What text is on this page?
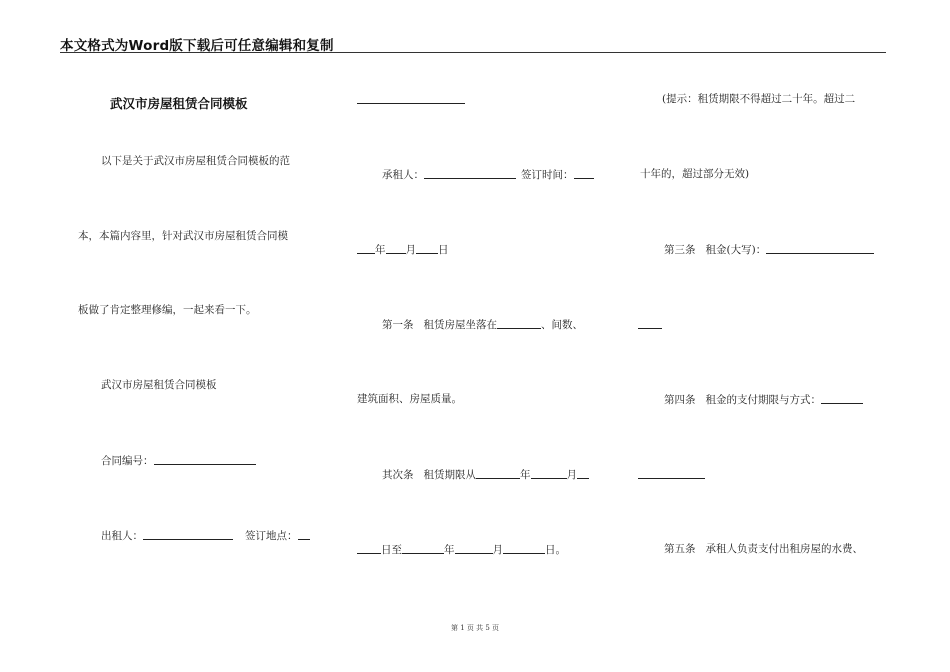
本文格式为Word版下载后可任意编辑和复制
武汉市房屋租赁合同模板
以下是关于武汉市房屋租赁合同模板的范
本，本篇内容里，针对武汉市房屋租赁合同模
板做了肯定整理修编，一起来看一下。
武汉市房屋租赁合同模板
合同编号：
出租人：	签订地点：
承租人：	签订时间：
年 月 日
第一条 租赁房屋坐落在	、间数、
建筑面积、房屋质量。
其次条 租赁期限从	年	月
日至	年	月	日。
(提示：租赁期限不得超过二十年。超过二
十年的，超过部分无效)
第三条 租金(大写)：
第四条 租金的支付期限与方式：
第五条 承租人负责支付出租房屋的水费、
第 1 页 共 5 页
